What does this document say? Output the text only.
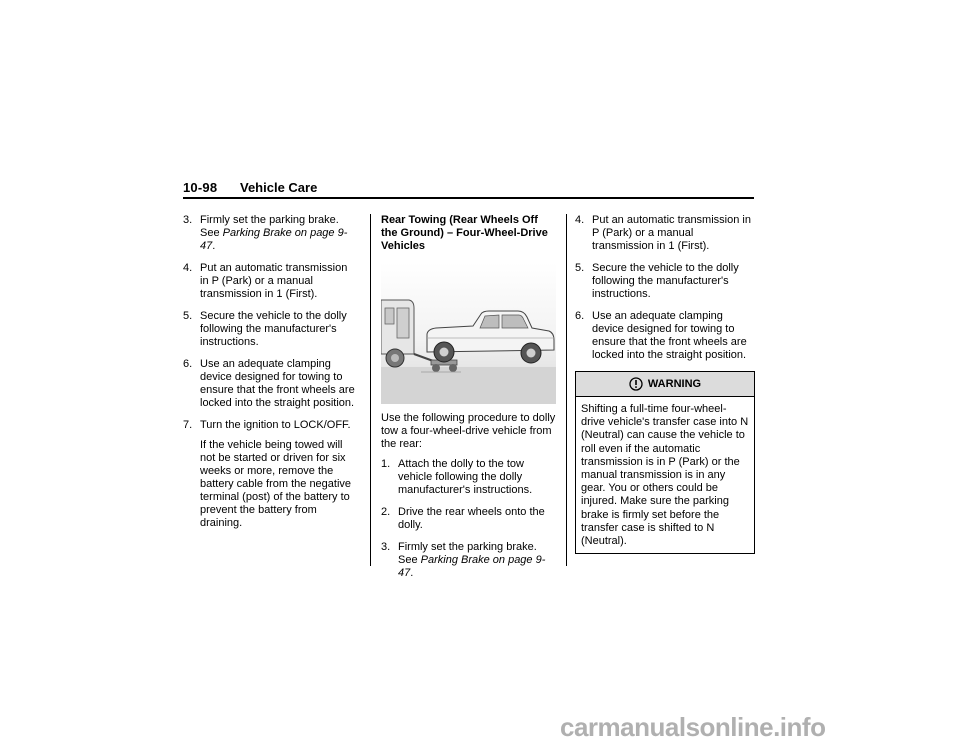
10-98 Vehicle Care
3. Firmly set the parking brake.
See Parking Brake on page 9-47.

4. Put an automatic transmission in P (Park) or a manual transmission in 1 (First).

5. Secure the vehicle to the dolly following the manufacturer's instructions.

6. Use an adequate clamping device designed for towing to ensure that the front wheels are locked into the straight position.

7. Turn the ignition to LOCK/OFF.

If the vehicle being towed will not be started or driven for six weeks or more, remove the battery cable from the negative terminal (post) of the battery to prevent the battery from draining.

Rear Towing (Rear Wheels Off the Ground) – Four-Wheel-Drive Vehicles

Use the following procedure to dolly tow a four-wheel-drive vehicle from the rear:

1. Attach the dolly to the tow vehicle following the dolly manufacturer's instructions.

2. Drive the rear wheels onto the dolly.

3. Firmly set the parking brake.
See Parking Brake on page 9-47.

4. Put an automatic transmission in P (Park) or a manual transmission in 1 (First).

5. Secure the vehicle to the dolly following the manufacturer's instructions.

6. Use an adequate clamping device designed for towing to ensure that the front wheels are locked into the straight position.

WARNING
Shifting a full-time four-wheel-drive vehicle's transfer case into N (Neutral) can cause the vehicle to roll even if the automatic transmission is in P (Park) or the manual transmission is in any gear. You or others could be injured. Make sure the parking brake is firmly set before the transfer case is shifted to N (Neutral).
carmanualsonline.info
